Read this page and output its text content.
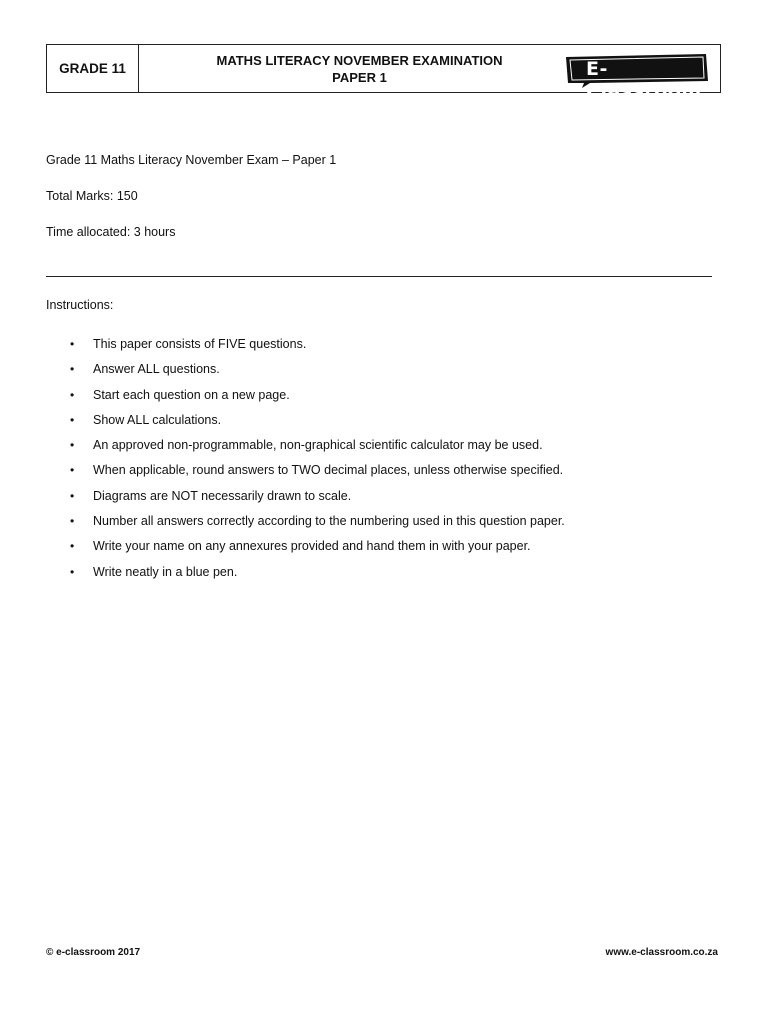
GRADE 11
MATHS LITERACY NOVEMBER EXAMINATION
PAPER 1	E-Classroom
Grade 11 Maths Literacy November Exam – Paper 1
Total Marks: 150
Time allocated: 3 hours
Instructions:
• This paper consists of FIVE questions.
• Answer ALL questions.
• Start each question on a new page.
• Show ALL calculations.
• An approved non-programmable, non-graphical scientific calculator may be used.
• When applicable, round answers to TWO decimal places, unless otherwise specified.
• Diagrams are NOT necessarily drawn to scale.
• Number all answers correctly according to the numbering used in this question paper.
• Write your name on any annexures provided and hand them in with your paper.
• Write neatly in a blue pen.
© e-classroom 2017	www.e-classroom.co.za
